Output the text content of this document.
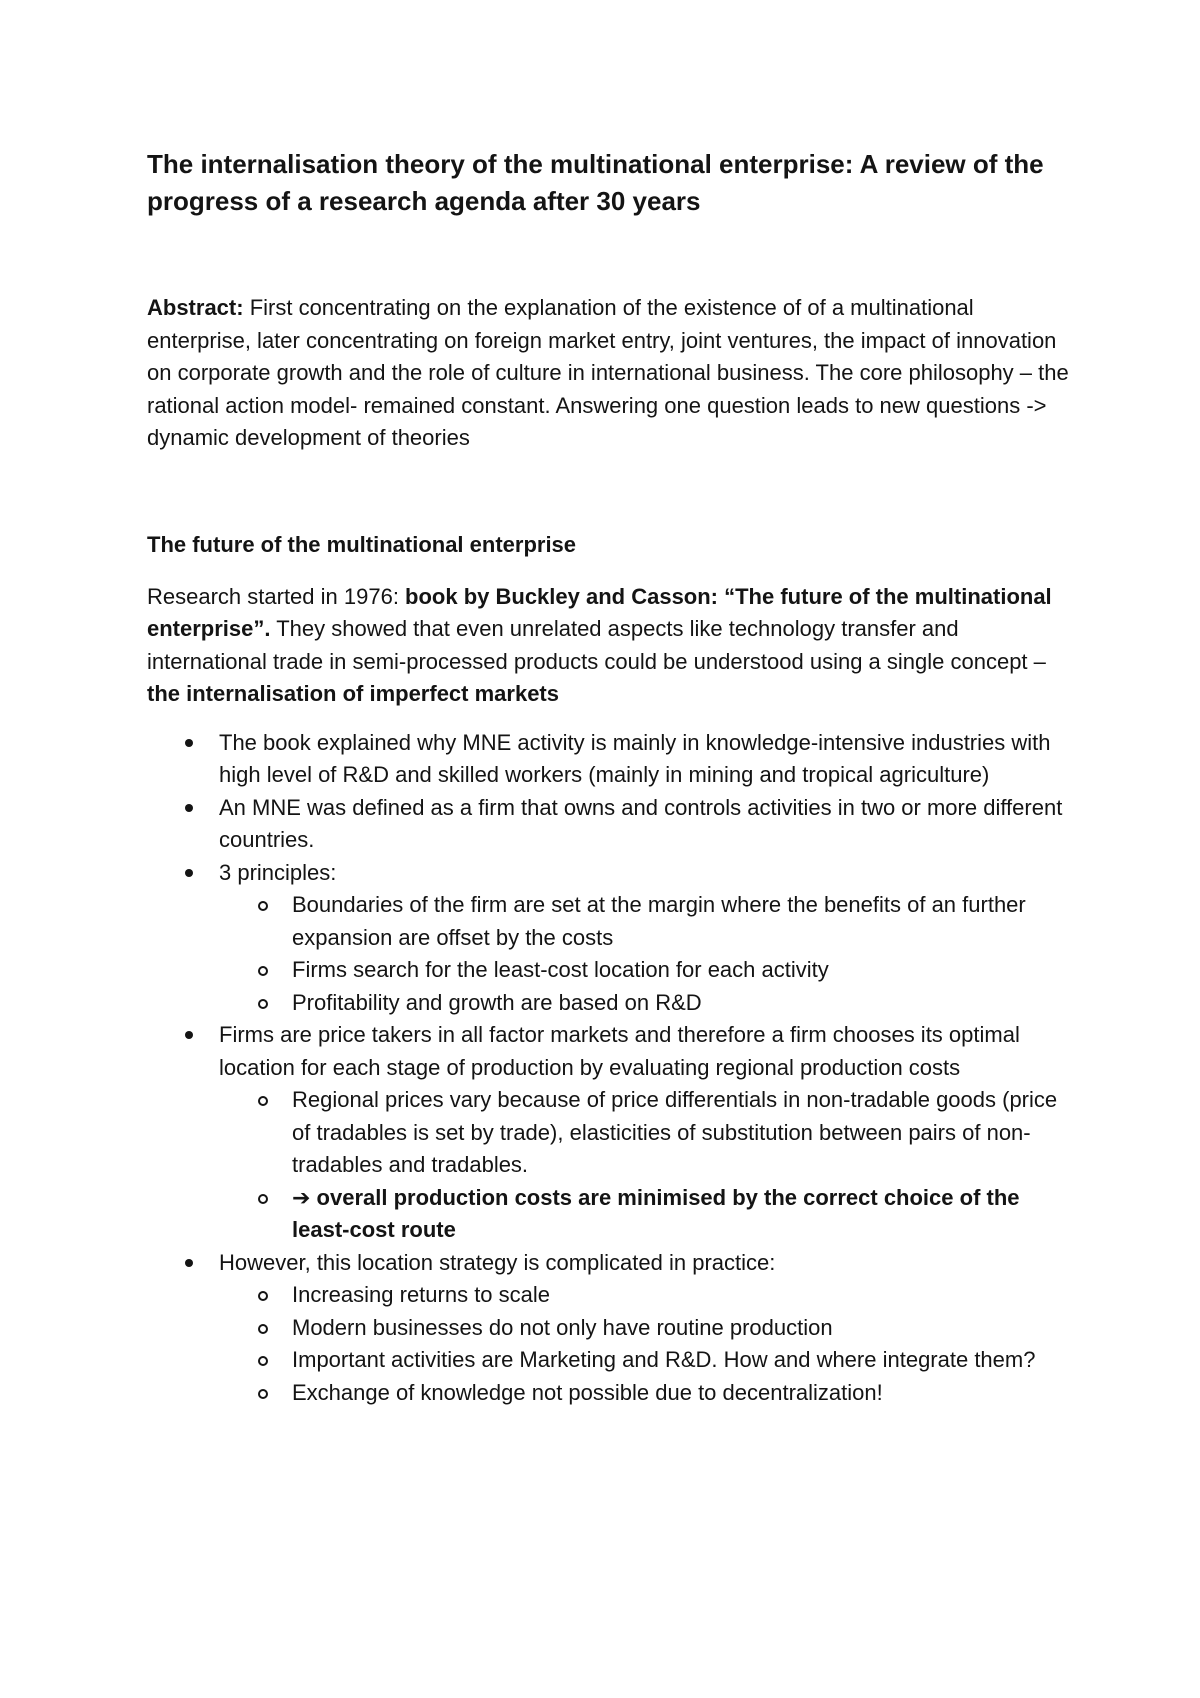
The internalisation theory of the multinational enterprise: A review of the progress of a research agenda after 30 years

Abstract: First concentrating on the explanation of the existence of of a multinational enterprise, later concentrating on foreign market entry, joint ventures, the impact of innovation on corporate growth and the role of culture in international business. The core philosophy – the rational action model- remained constant. Answering one question leads to new questions -> dynamic development of theories

The future of the multinational enterprise

Research started in 1976: book by Buckley and Casson: “The future of the multinational enterprise”. They showed that even unrelated aspects like technology transfer and international trade in semi-processed products could be understood using a single concept – the internalisation of imperfect markets

The book explained why MNE activity is mainly in knowledge-intensive industries with high level of R&D and skilled workers (mainly in mining and tropical agriculture)
An MNE was defined as a firm that owns and controls activities in two or more different countries.
3 principles:
Boundaries of the firm are set at the margin where the benefits of an further expansion are offset by the costs
Firms search for the least-cost location for each activity
Profitability and growth are based on R&D
Firms are price takers in all factor markets and therefore a firm chooses its optimal location for each stage of production by evaluating regional production costs
Regional prices vary because of price differentials in non-tradable goods (price of tradables is set by trade), elasticities of substitution between pairs of non-tradables and tradables.
➔ overall production costs are minimised by the correct choice of the least-cost route
However, this location strategy is complicated in practice:
Increasing returns to scale
Modern businesses do not only have routine production
Important activities are Marketing and R&D. How and where integrate them?
Exchange of knowledge not possible due to decentralization!
